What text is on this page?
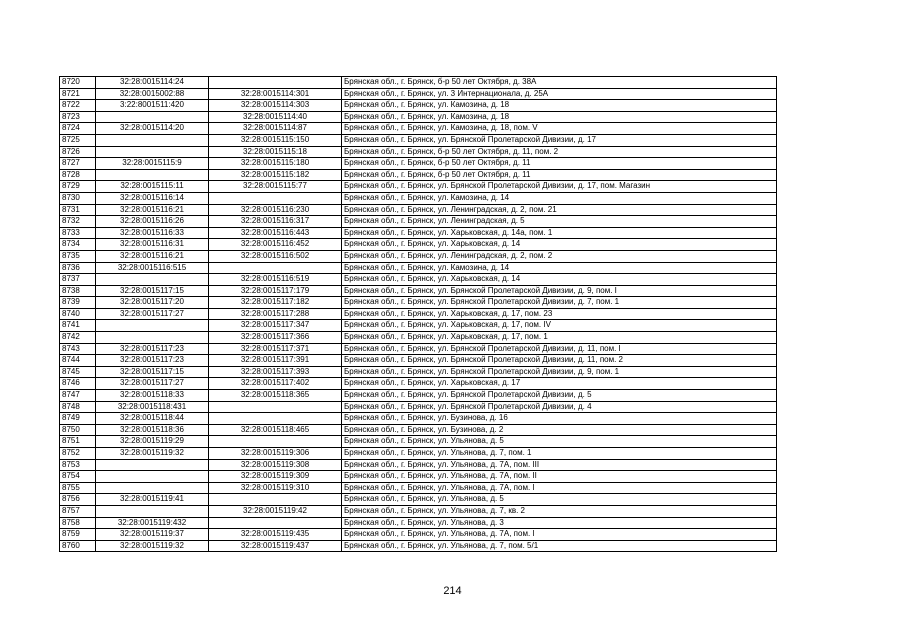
8720	32:28:0015114:24		Брянская обл., г. Брянск, б-р 50 лет Октября, д. 38А
8721	32:28:0015002:88	32:28:0015114:301	Брянская обл., г. Брянск, ул. 3 Интернационала, д. 25А
8722	3:22:8001511:420	32:28:0015114:303	Брянская обл., г. Брянск, ул. Камозина, д. 18
8723		32:28:0015114:40	Брянская обл., г. Брянск, ул. Камозина, д. 18
8724	32:28:0015114:20	32:28:0015114:87	Брянская обл., г. Брянск, ул. Камозина, д. 18, пом. V
8725		32:28:0015115:150	Брянская обл., г. Брянск, ул. Брянской Пролетарской Дивизии, д. 17
8726		32:28:0015115:18	Брянская обл., г. Брянск, б-р 50 лет Октября, д. 11, пом. 2
8727	32:28:0015115:9	32:28:0015115:180	Брянская обл., г. Брянск, б-р 50 лет Октября, д. 11
8728		32:28:0015115:182	Брянская обл., г. Брянск, б-р 50 лет Октября, д. 11
8729	32:28:0015115:11	32:28:0015115:77	Брянская обл., г. Брянск, ул. Брянской Пролетарской Дивизии, д. 17, пом. Магазин
8730	32:28:0015116:14		Брянская обл., г. Брянск, ул. Камозина, д. 14
8731	32:28:0015116:21	32:28:0015116:230	Брянская обл., г. Брянск, ул. Ленинградская, д. 2, пом. 21
8732	32:28:0015116:26	32:28:0015116:317	Брянская обл., г. Брянск, ул. Ленинградская, д. 5
8733	32:28:0015116:33	32:28:0015116:443	Брянская обл., г. Брянск, ул. Харьковская, д. 14а, пом. 1
8734	32:28:0015116:31	32:28:0015116:452	Брянская обл., г. Брянск, ул. Харьковская, д. 14
8735	32:28:0015116:21	32:28:0015116:502	Брянская обл., г. Брянск, ул. Ленинградская, д. 2, пом. 2
8736	32:28:0015116:515		Брянская обл., г. Брянск, ул. Камозина, д. 14
8737		32:28:0015116:519	Брянская обл., г. Брянск, ул. Харьковская, д. 14
8738	32:28:0015117:15	32:28:0015117:179	Брянская обл., г. Брянск, ул. Брянской Пролетарской Дивизии, д. 9, пом. I
8739	32:28:0015117:20	32:28:0015117:182	Брянская обл., г. Брянск, ул. Брянской Пролетарской Дивизии, д. 7, пом. 1
8740	32:28:0015117:27	32:28:0015117:288	Брянская обл., г. Брянск, ул. Харьковская, д. 17, пом. 23
8741		32:28:0015117:347	Брянская обл., г. Брянск, ул. Харьковская, д. 17, пом. IV
8742		32:28:0015117:366	Брянская обл., г. Брянск, ул. Харьковская, д. 17, пом. 1
8743	32:28:0015117:23	32:28:0015117:371	Брянская обл., г. Брянск, ул. Брянской Пролетарской Дивизии, д. 11, пом. I
8744	32:28:0015117:23	32:28:0015117:391	Брянская обл., г. Брянск, ул. Брянской Пролетарской Дивизии, д. 11, пом. 2
8745	32:28:0015117:15	32:28:0015117:393	Брянская обл., г. Брянск, ул. Брянской Пролетарской Дивизии, д. 9, пом. 1
8746	32:28:0015117:27	32:28:0015117:402	Брянская обл., г. Брянск, ул. Харьковская, д. 17
8747	32:28:0015118:33	32:28:0015118:365	Брянская обл., г. Брянск, ул. Брянской Пролетарской Дивизии, д. 5
8748	32:28:0015118:431		Брянская обл., г. Брянск, ул. Брянской Пролетарской Дивизии, д. 4
8749	32:28:0015118:44		Брянская обл., г. Брянск, ул. Бузинова, д. 16
8750	32:28:0015118:36	32:28:0015118:465	Брянская обл., г. Брянск, ул. Бузинова, д. 2
8751	32:28:0015119:29		Брянская обл., г. Брянск, ул. Ульянова, д. 5
8752	32:28:0015119:32	32:28:0015119:306	Брянская обл., г. Брянск, ул. Ульянова, д. 7, пом. 1
8753		32:28:0015119:308	Брянская обл., г. Брянск, ул. Ульянова, д. 7А, пом. III
8754		32:28:0015119:309	Брянская обл., г. Брянск, ул. Ульянова, д. 7А, пом. II
8755		32:28:0015119:310	Брянская обл., г. Брянск, ул. Ульянова, д. 7А, пом. I
8756	32:28:0015119:41		Брянская обл., г. Брянск, ул. Ульянова, д. 5
8757		32:28:0015119:42	Брянская обл., г. Брянск, ул. Ульянова, д. 7, кв. 2
8758	32:28:0015119:432		Брянская обл., г. Брянск, ул. Ульянова, д. 3
8759	32:28:0015119:37	32:28:0015119:435	Брянская обл., г. Брянск, ул. Ульянова, д. 7А, пом. I
8760	32:28:0015119:32	32:28:0015119:437	Брянская обл., г. Брянск, ул. Ульянова, д. 7, пом. 5/1
214
